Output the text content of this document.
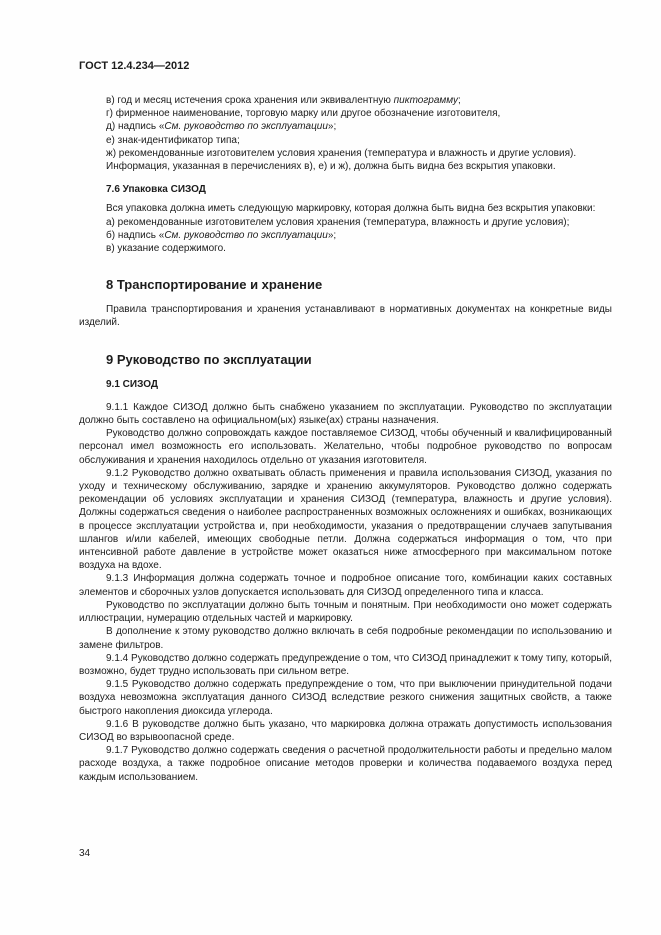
ГОСТ 12.4.234—2012

в) год и месяц истечения срока хранения или эквивалентную пиктограмму;

г) фирменное наименование, торговую марку или другое обозначение изготовителя,

д) надпись «См. руководство по эксплуатации»;

е) знак-идентификатор типа;

ж) рекомендованные изготовителем условия хранения (температура и влажность и другие условия).

Информация, указанная в перечислениях в), е) и ж), должна быть видна без вскрытия упаковки.

7.6 Упаковка СИЗОД

Вся упаковка должна иметь следующую маркировку, которая должна быть видна без вскрытия упаковки:

а) рекомендованные изготовителем условия хранения (температура, влажность и другие условия);

б) надпись «См. руководство по эксплуатации»;

в) указание содержимого.

8 Транспортирование и хранение

Правила транспортирования и хранения устанавливают в нормативных документах на конкретные виды изделий.

9 Руководство по эксплуатации

9.1 СИЗОД

9.1.1 Каждое СИЗОД должно быть снабжено указанием по эксплуатации. Руководство по эксплуатации должно быть составлено на официальном(ых) языке(ах) страны назначения.

Руководство должно сопровождать каждое поставляемое СИЗОД, чтобы обученный и квалифицированный персонал имел возможность его использовать. Желательно, чтобы подробное руководство по вопросам обслуживания и хранения находилось отдельно от указания изготовителя.

9.1.2 Руководство должно охватывать область применения и правила использования СИЗОД, указания по уходу и техническому обслуживанию, зарядке и хранению аккумуляторов. Руководство должно содержать рекомендации об условиях эксплуатации и хранения СИЗОД (температура, влажность и другие условия). Должны содержаться сведения о наиболее распространенных возможных осложнениях и ошибках, возникающих в процессе эксплуатации устройства и, при необходимости, указания о предотвращении случаев запутывания шлангов и/или кабелей, имеющих свободные петли. Должна содержаться информация о том, что при интенсивной работе давление в устройстве может оказаться ниже атмосферного при максимальном потоке воздуха на вдохе.

9.1.3 Информация должна содержать точное и подробное описание того, комбинации каких составных элементов и сборочных узлов допускается использовать для СИЗОД определенного типа и класса.

Руководство по эксплуатации должно быть точным и понятным. При необходимости оно может содержать иллюстрации, нумерацию отдельных частей и маркировку.

В дополнение к этому руководство должно включать в себя подробные рекомендации по использованию и замене фильтров.

9.1.4 Руководство должно содержать предупреждение о том, что СИЗОД принадлежит к тому типу, который, возможно, будет трудно использовать при сильном ветре.

9.1.5 Руководство должно содержать предупреждение о том, что при выключении принудительной подачи воздуха невозможна эксплуатация данного СИЗОД вследствие резкого снижения защитных свойств, а также быстрого накопления диоксида углерода.

9.1.6 В руководстве должно быть указано, что маркировка должна отражать допустимость использования СИЗОД во взрывоопасной среде.

9.1.7 Руководство должно содержать сведения о расчетной продолжительности работы и предельно малом расходе воздуха, а также подробное описание методов проверки и количества подаваемого воздуха перед каждым использованием.

34
